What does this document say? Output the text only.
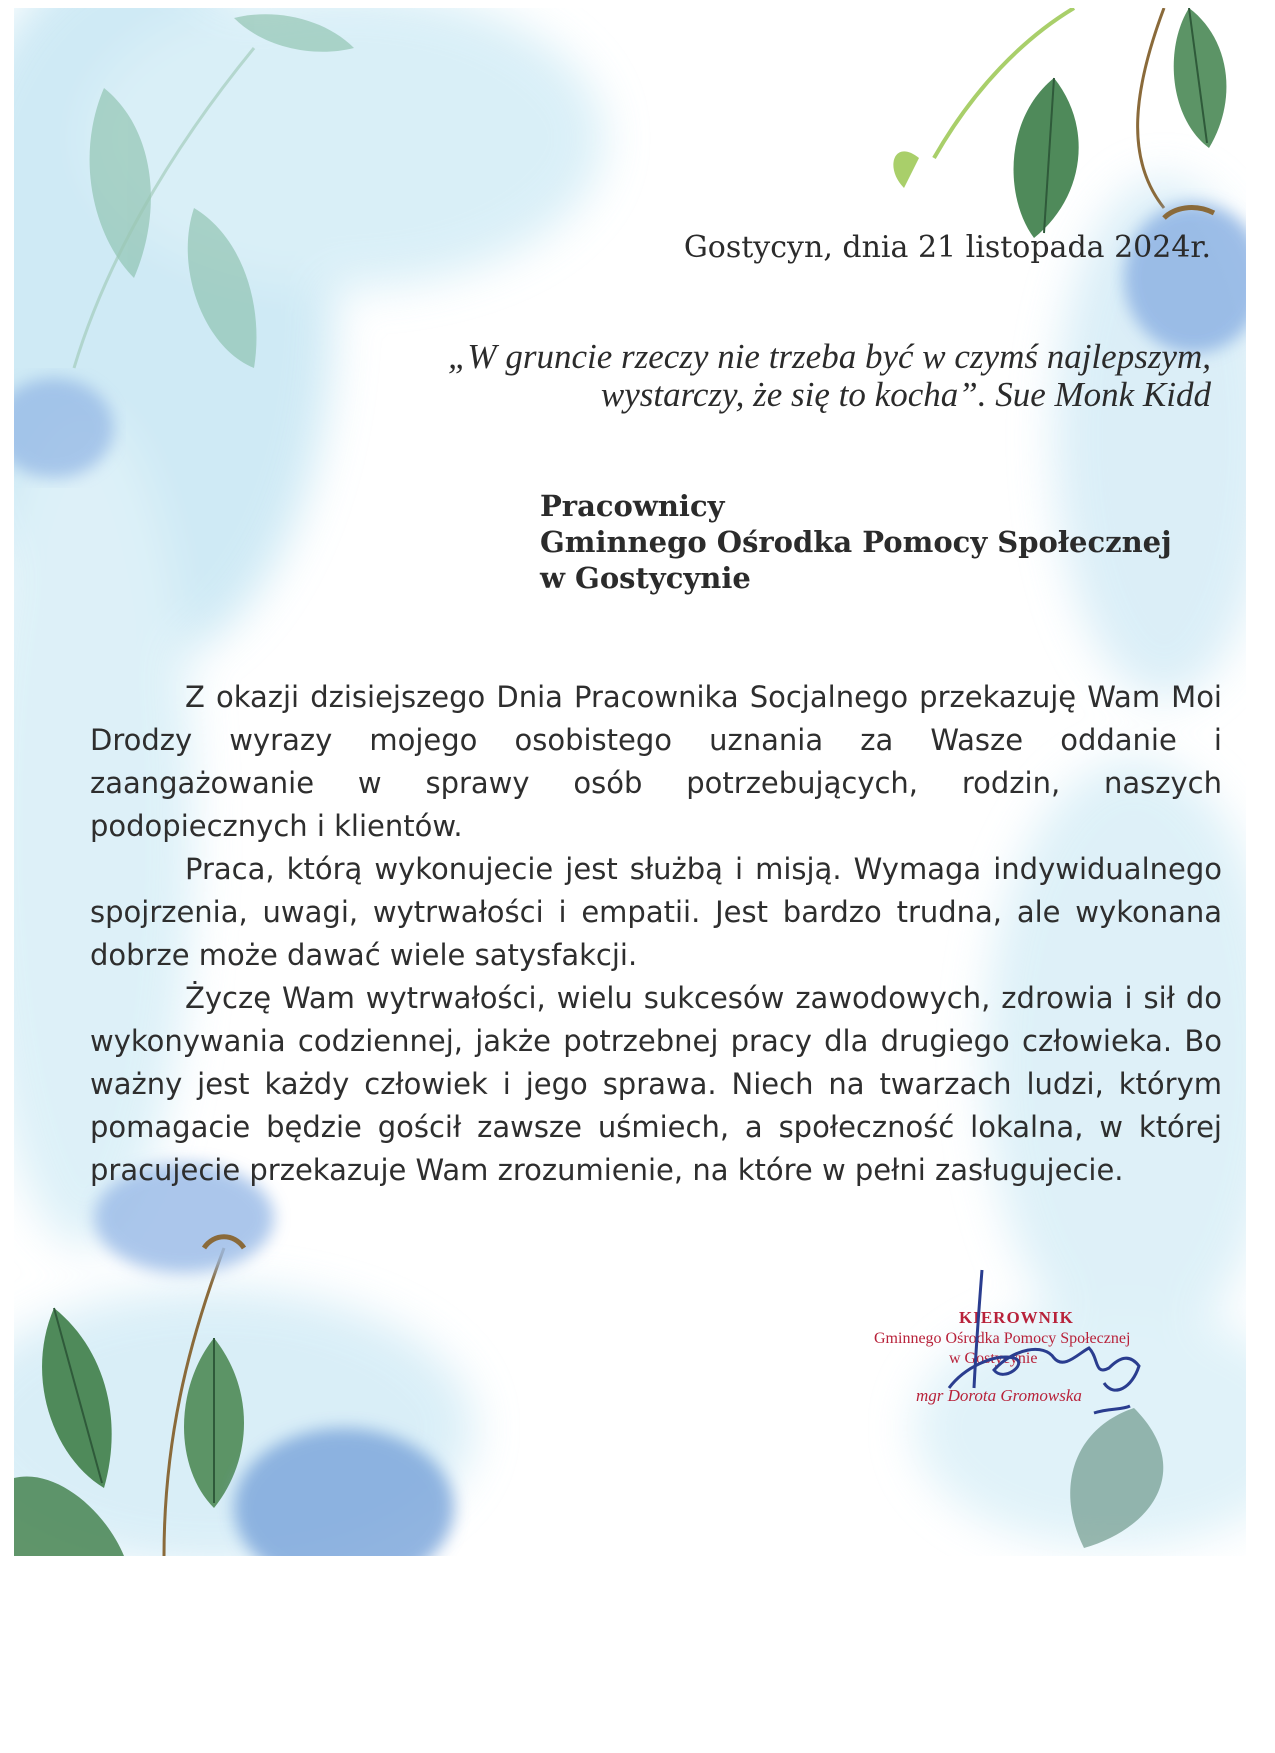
Gostycyn, dnia 21 listopada 2024r.
„W gruncie rzeczy nie trzeba być w czymś najlepszym,
wystarczy, że się to kocha”. Sue Monk Kidd
Pracownicy
Gminnego Ośrodka Pomocy Społecznej
w Gostycynie

Z okazji dzisiejszego Dnia Pracownika Socjalnego przekazuję Wam Moi Drodzy wyrazy mojego osobistego uznania za Wasze oddanie i zaangażowanie w sprawy osób potrzebujących, rodzin, naszych podopiecznych i klientów.

Praca, którą wykonujecie jest służbą i misją. Wymaga indywidualnego spojrzenia, uwagi, wytrwałości i empatii. Jest bardzo trudna, ale wykonana dobrze może dawać wiele satysfakcji.

Życzę Wam wytrwałości, wielu sukcesów zawodowych, zdrowia i sił do wykonywania codziennej, jakże potrzebnej pracy dla drugiego człowieka. Bo ważny jest każdy człowiek i jego sprawa. Niech na twarzach ludzi, którym pomagacie będzie gościł zawsze uśmiech, a społeczność lokalna, w której pracujecie przekazuje Wam zrozumienie, na które w pełni zasługujecie.

KIEROWNIK
Gminnego Ośrodka Pomocy Społecznej
w Gostycynie
mgr Dorota Gromowska
